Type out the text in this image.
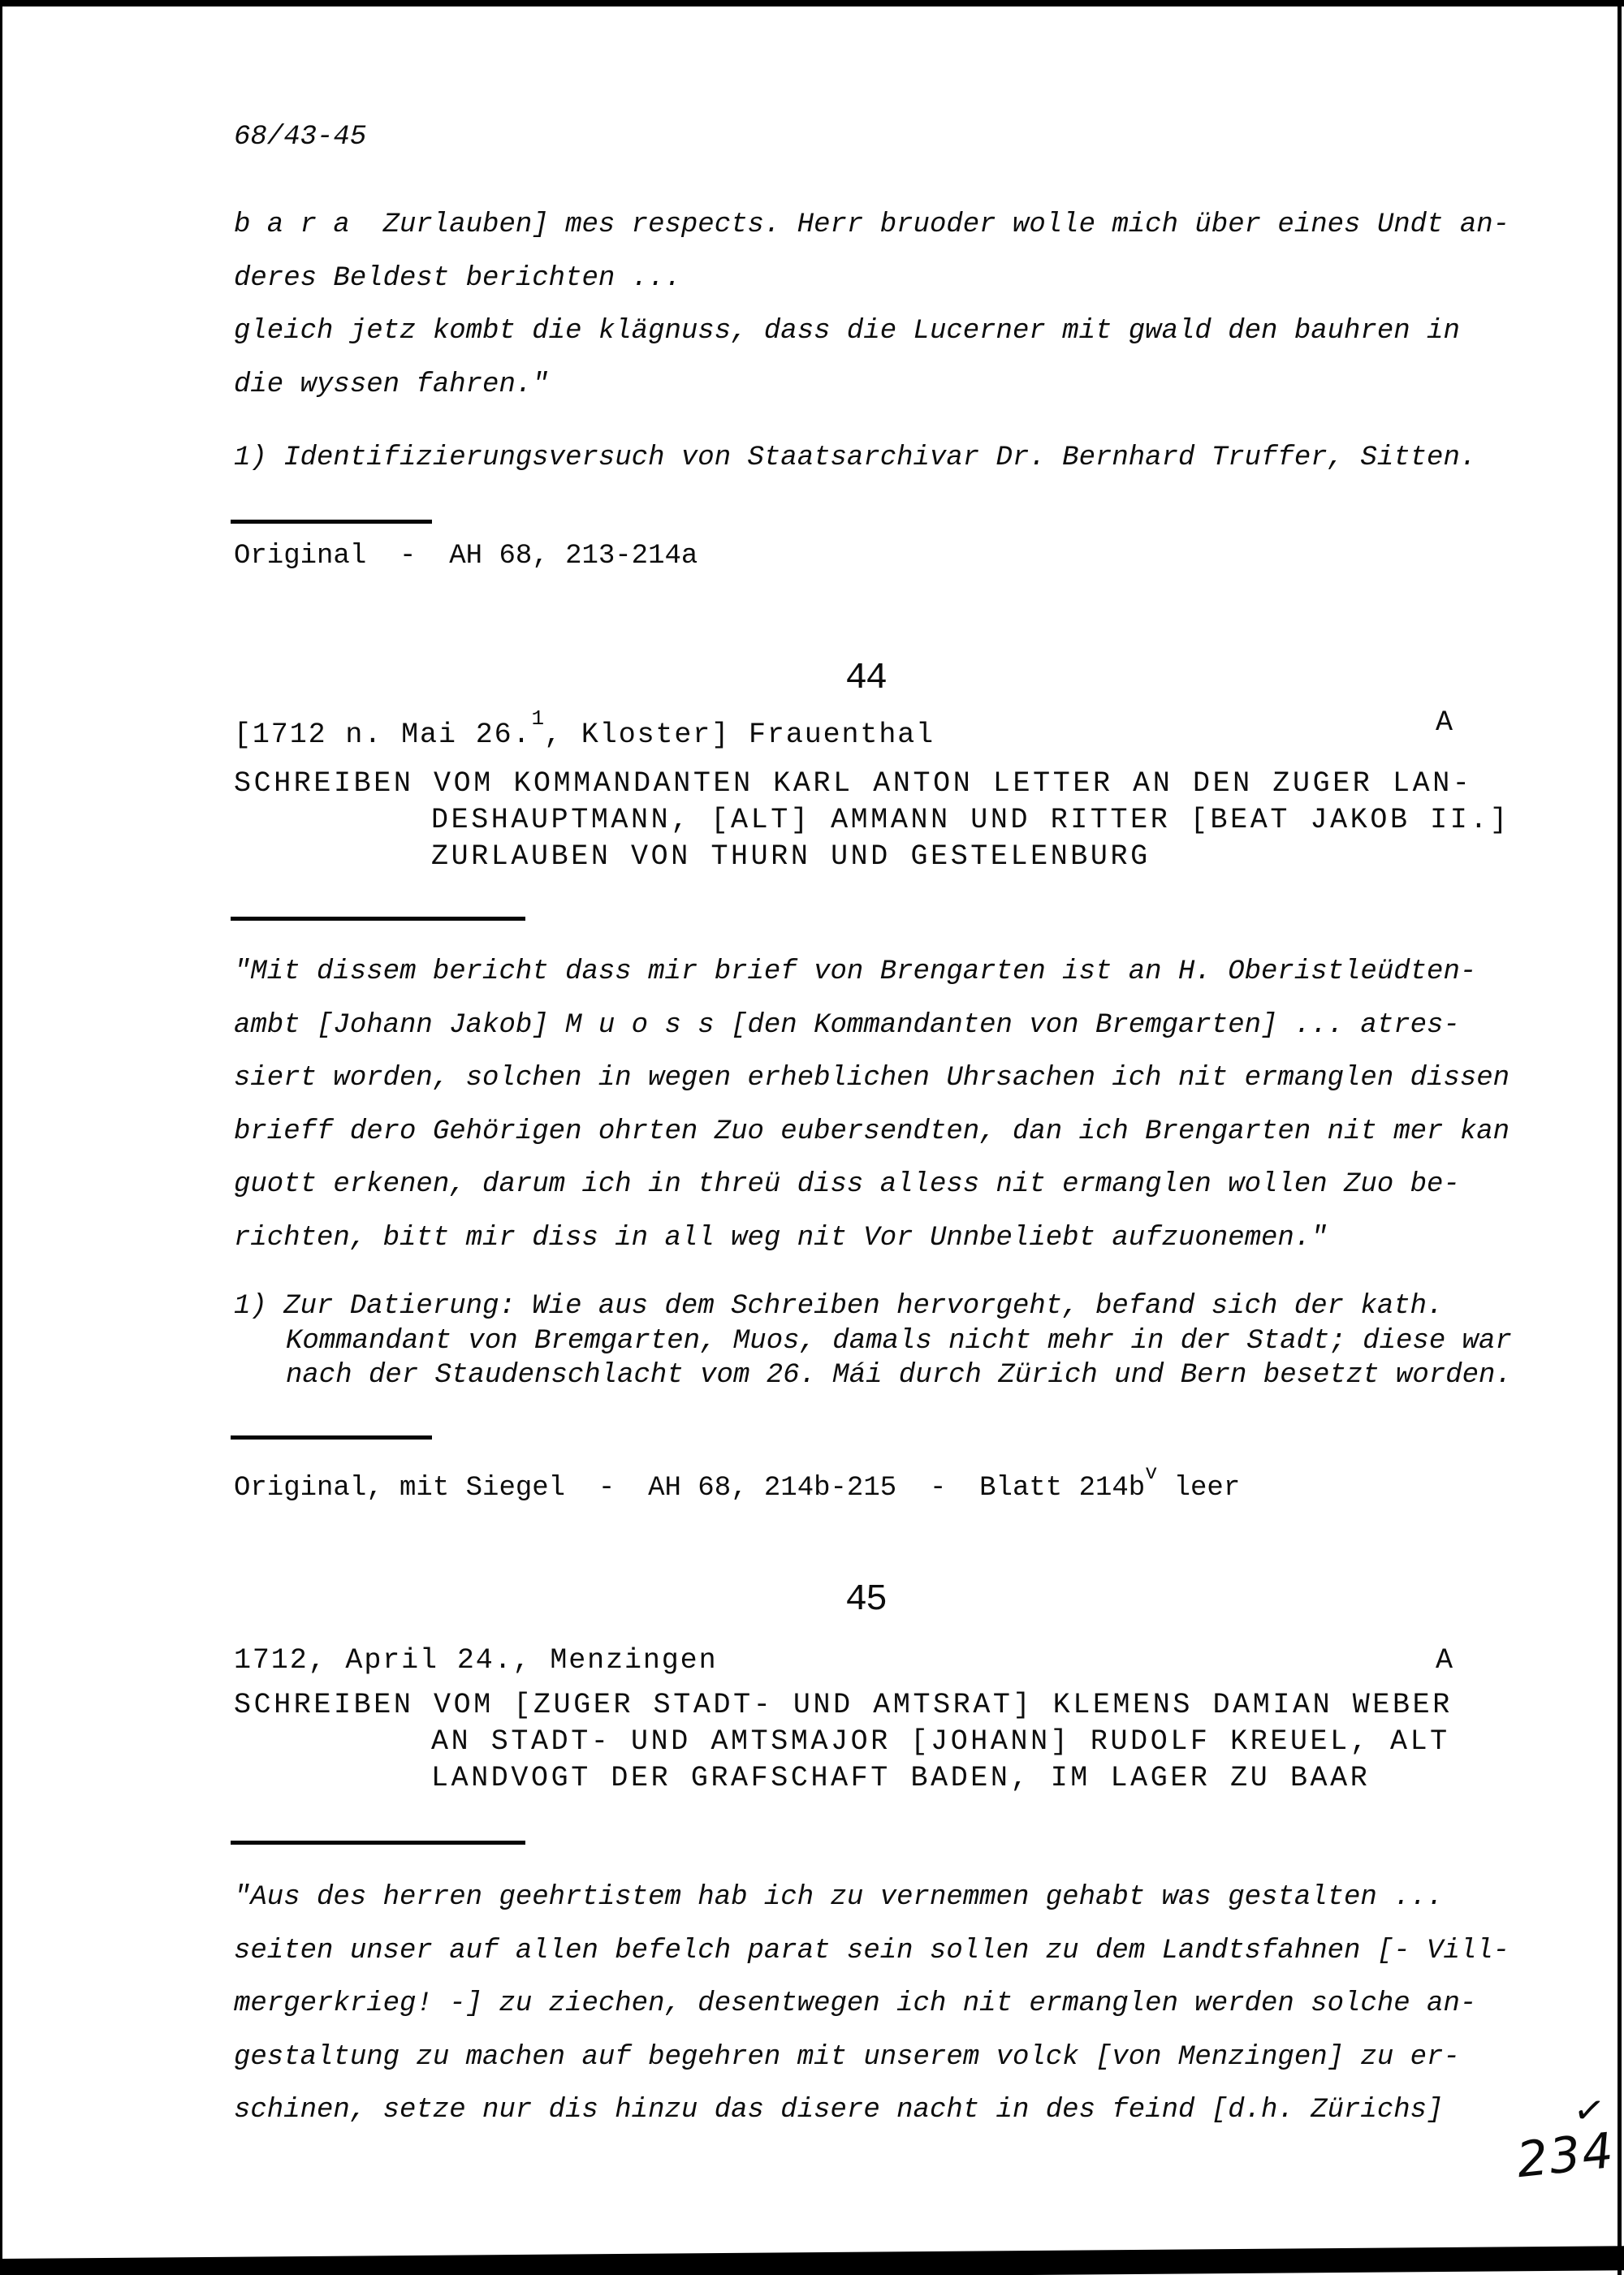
68/43-45
b a r a  Zurlauben] mes respects. Herr bruoder wolle mich über eines Undt an-
deres Beldest berichten ...
gleich jetz kombt die klägnuss, dass die Lucerner mit gwald den bauhren in
die wyssen fahren."
1) Identifizierungsversuch von Staatsarchivar Dr. Bernhard Truffer, Sitten.
Original  -  AH 68, 213-214a
44
[1712 n. Mai 26.$^1$, Kloster] Frauenthal	A
SCHREIBEN VOM KOMMANDANTEN KARL ANTON LETTER AN DEN ZUGER LAN-
DESHAUPTMANN, [ALT] AMMANN UND RITTER [BEAT JAKOB II.]
ZURLAUBEN VON THURN UND GESTELENBURG
"Mit dissem bericht dass mir brief von Brengarten ist an H. Oberistleüdten-
ambt [Johann Jakob] M u o s s [den Kommandanten von Bremgarten] ... atres-
siert worden, solchen in wegen erheblichen Uhrsachen ich nit ermanglen dissen
brieff dero Gehörigen ohrten Zuo eubersendten, dan ich Brengarten nit mer kan
guott erkenen, darum ich in threü diss alless nit ermanglen wollen Zuo be-
richten, bitt mir diss in all weg nit Vor Unnbeliebt aufzuonemen."
1) Zur Datierung: Wie aus dem Schreiben hervorgeht, befand sich der kath.
Kommandant von Bremgarten, Muos, damals nicht mehr in der Stadt; diese war
nach der Staudenschlacht vom 26. Mái durch Zürich und Bern besetzt worden.
Original, mit Siegel  -  AH 68, 214b-215  -  Blatt $214b^v$ leer
45
1712, April 24., Menzingen	A
SCHREIBEN VOM [ZUGER STADT- UND AMTSRAT] KLEMENS DAMIAN WEBER
AN STADT- UND AMTSMAJOR [JOHANN] RUDOLF KREUEL, ALT
LANDVOGT DER GRAFSCHAFT BADEN, IM LAGER ZU BAAR
"Aus des herren geehrtistem hab ich zu vernemmen gehabt was gestalten ...
seiten unser auf allen befelch parat sein sollen zu dem Landtsfahnen [- Vill-
mergerkrieg! -] zu ziechen, desentwegen ich nit ermanglen werden solche an-
gestaltung zu machen auf begehren mit unserem volck [von Menzingen] zu er-
schinen, setze nur dis hinzu das disere nacht in des feind [d.h. Zürichs]	✓
234
